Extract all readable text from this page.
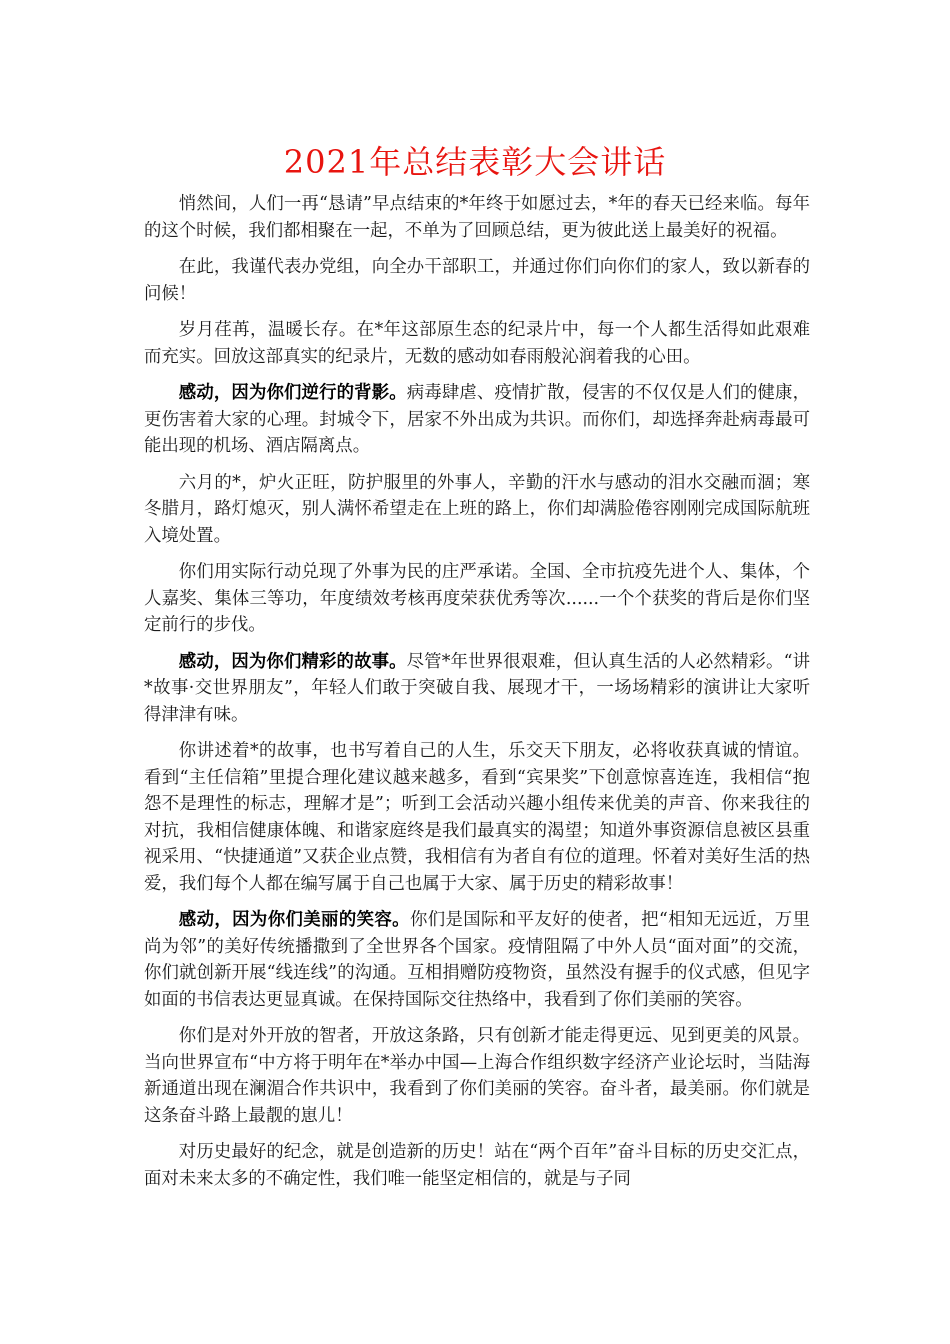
2021年总结表彰大会讲话

悄然间，人们一再“恳请”早点结束的*年终于如愿过去，*年的春天已经来临。每年的这个时候，我们都相聚在一起，不单为了回顾总结，更为彼此送上最美好的祝福。

在此，我谨代表办党组，向全办干部职工，并通过你们向你们的家人，致以新春的问候！

岁月荏苒，温暖长存。在*年这部原生态的纪录片中，每一个人都生活得如此艰难而充实。回放这部真实的纪录片，无数的感动如春雨般沁润着我的心田。

感动，因为你们逆行的背影。病毒肆虐、疫情扩散，侵害的不仅仅是人们的健康，更伤害着大家的心理。封城令下，居家不外出成为共识。而你们，却选择奔赴病毒最可能出现的机场、酒店隔离点。

六月的*，炉火正旺，防护服里的外事人，辛勤的汗水与感动的泪水交融而涸；寒冬腊月，路灯熄灭，别人满怀希望走在上班的路上，你们却满脸倦容刚刚完成国际航班入境处置。

你们用实际行动兑现了外事为民的庄严承诺。全国、全市抗疫先进个人、集体，个人嘉奖、集体三等功，年度绩效考核再度荣获优秀等次......一个个获奖的背后是你们坚定前行的步伐。

感动，因为你们精彩的故事。尽管*年世界很艰难，但认真生活的人必然精彩。“讲*故事·交世界朋友”，年轻人们敢于突破自我、展现才干，一场场精彩的演讲让大家听得津津有味。

你讲述着*的故事，也书写着自己的人生，乐交天下朋友，必将收获真诚的情谊。看到“主任信箱”里提合理化建议越来越多，看到“宾果奖”下创意惊喜连连，我相信“抱怨不是理性的标志，理解才是”；听到工会活动兴趣小组传来优美的声音、你来我往的对抗，我相信健康体魄、和谐家庭终是我们最真实的渴望；知道外事资源信息被区县重视采用、“快捷通道”又获企业点赞，我相信有为者自有位的道理。怀着对美好生活的热爱，我们每个人都在编写属于自己也属于大家、属于历史的精彩故事！

感动，因为你们美丽的笑容。你们是国际和平友好的使者，把“相知无远近，万里尚为邻”的美好传统播撒到了全世界各个国家。疫情阻隔了中外人员“面对面”的交流，你们就创新开展“线连线”的沟通。互相捐赠防疫物资，虽然没有握手的仪式感，但见字如面的书信表达更显真诚。在保持国际交往热络中，我看到了你们美丽的笑容。

你们是对外开放的智者，开放这条路，只有创新才能走得更远、见到更美的风景。当向世界宣布“中方将于明年在*举办中国—上海合作组织数字经济产业论坛时，当陆海新通道出现在澜湄合作共识中，我看到了你们美丽的笑容。奋斗者，最美丽。你们就是这条奋斗路上最靓的崽儿！

对历史最好的纪念，就是创造新的历史！站在“两个百年”奋斗目标的历史交汇点，面对未来太多的不确定性，我们唯一能坚定相信的，就是与子同
